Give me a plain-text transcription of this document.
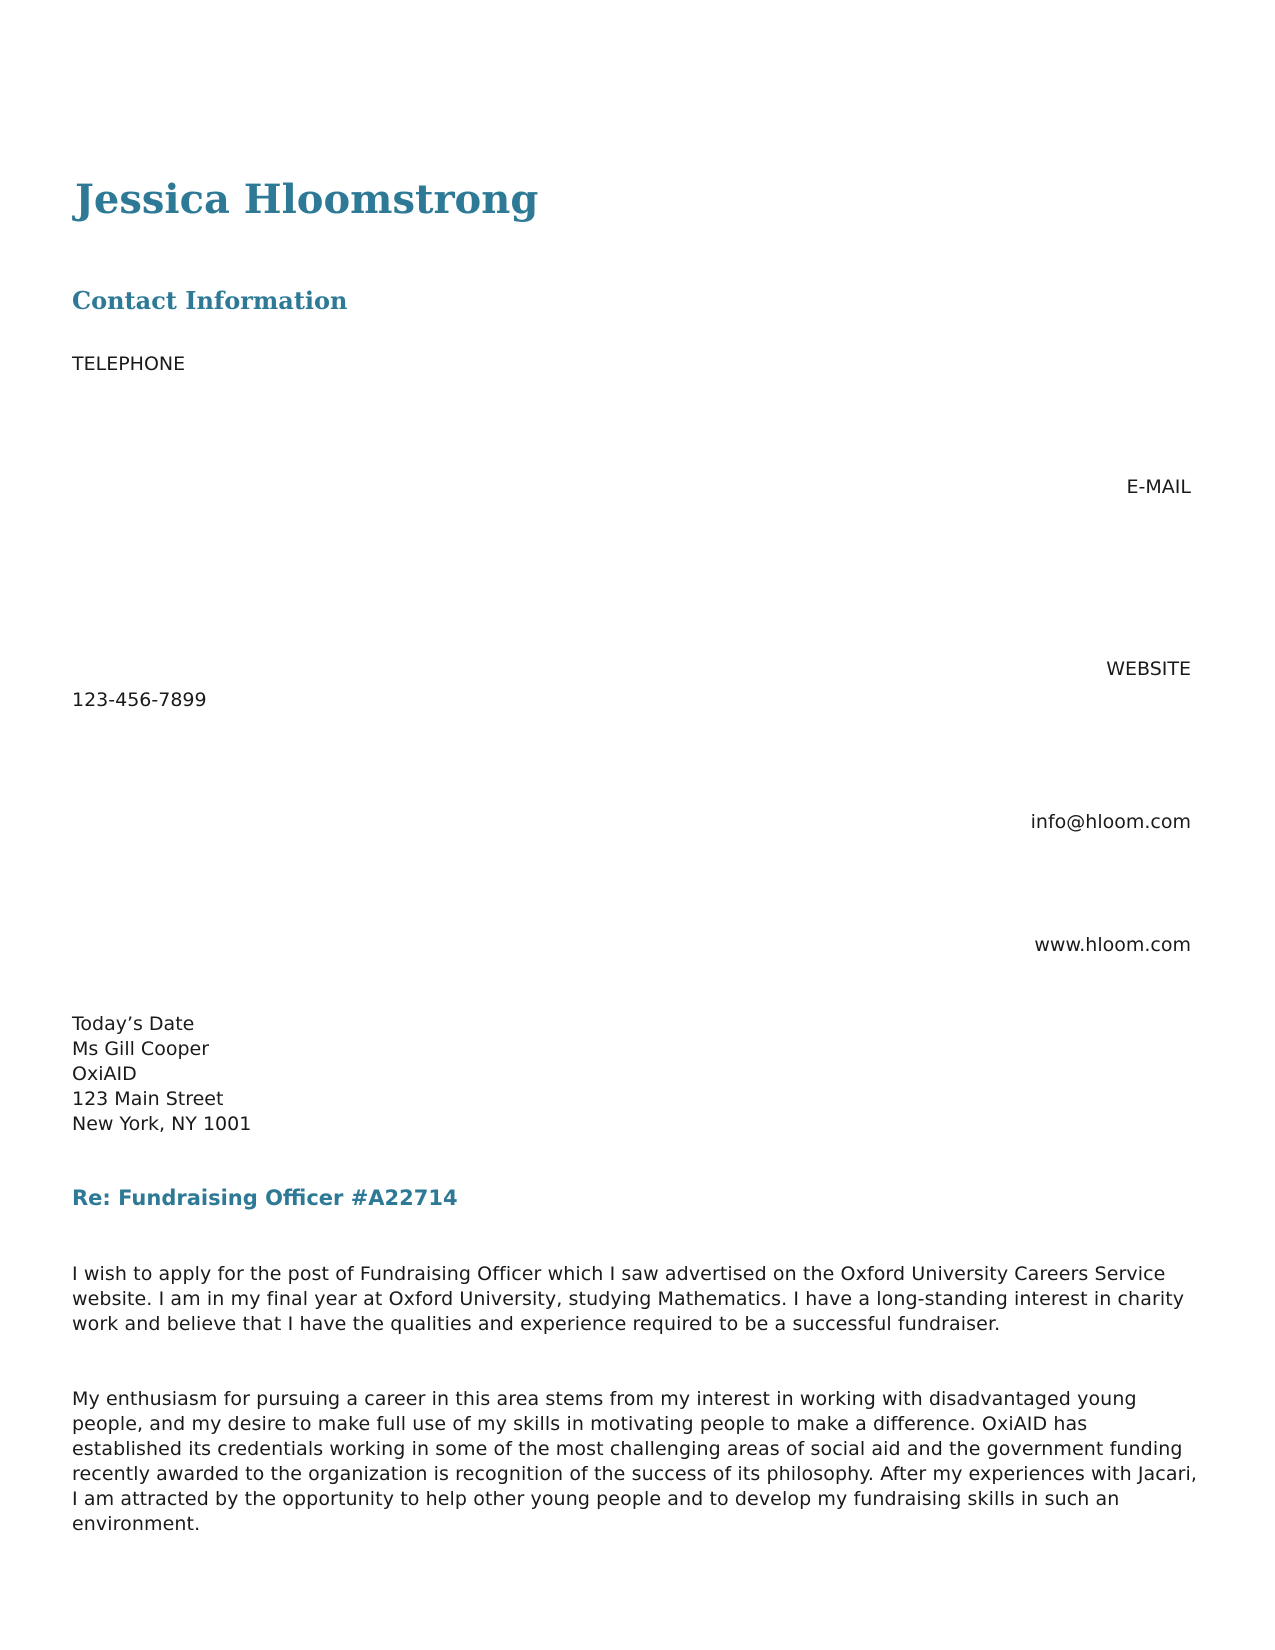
Jessica Hloomstrong
Contact Information
TELEPHONE
E-MAIL
WEBSITE
123-456-7899
info@hloom.com
www.hloom.com
Today’s Date
Ms Gill Cooper
OxiAID
123 Main Street
New York, NY 1001
Re: Fundraising Officer #A22714

I wish to apply for the post of Fundraising Officer which I saw advertised on the Oxford University Careers Service website. I am in my final year at Oxford University, studying Mathematics. I have a long-standing interest in charity work and believe that I have the qualities and experience required to be a successful fundraiser.

My enthusiasm for pursuing a career in this area stems from my interest in working with disadvantaged young people, and my desire to make full use of my skills in motivating people to make a difference. OxiAID has established its credentials working in some of the most challenging areas of social aid and the government funding recently awarded to the organization is recognition of the success of its philosophy. After my experiences with Jacari, I am attracted by the opportunity to help other young people and to develop my fundraising skills in such an environment.
